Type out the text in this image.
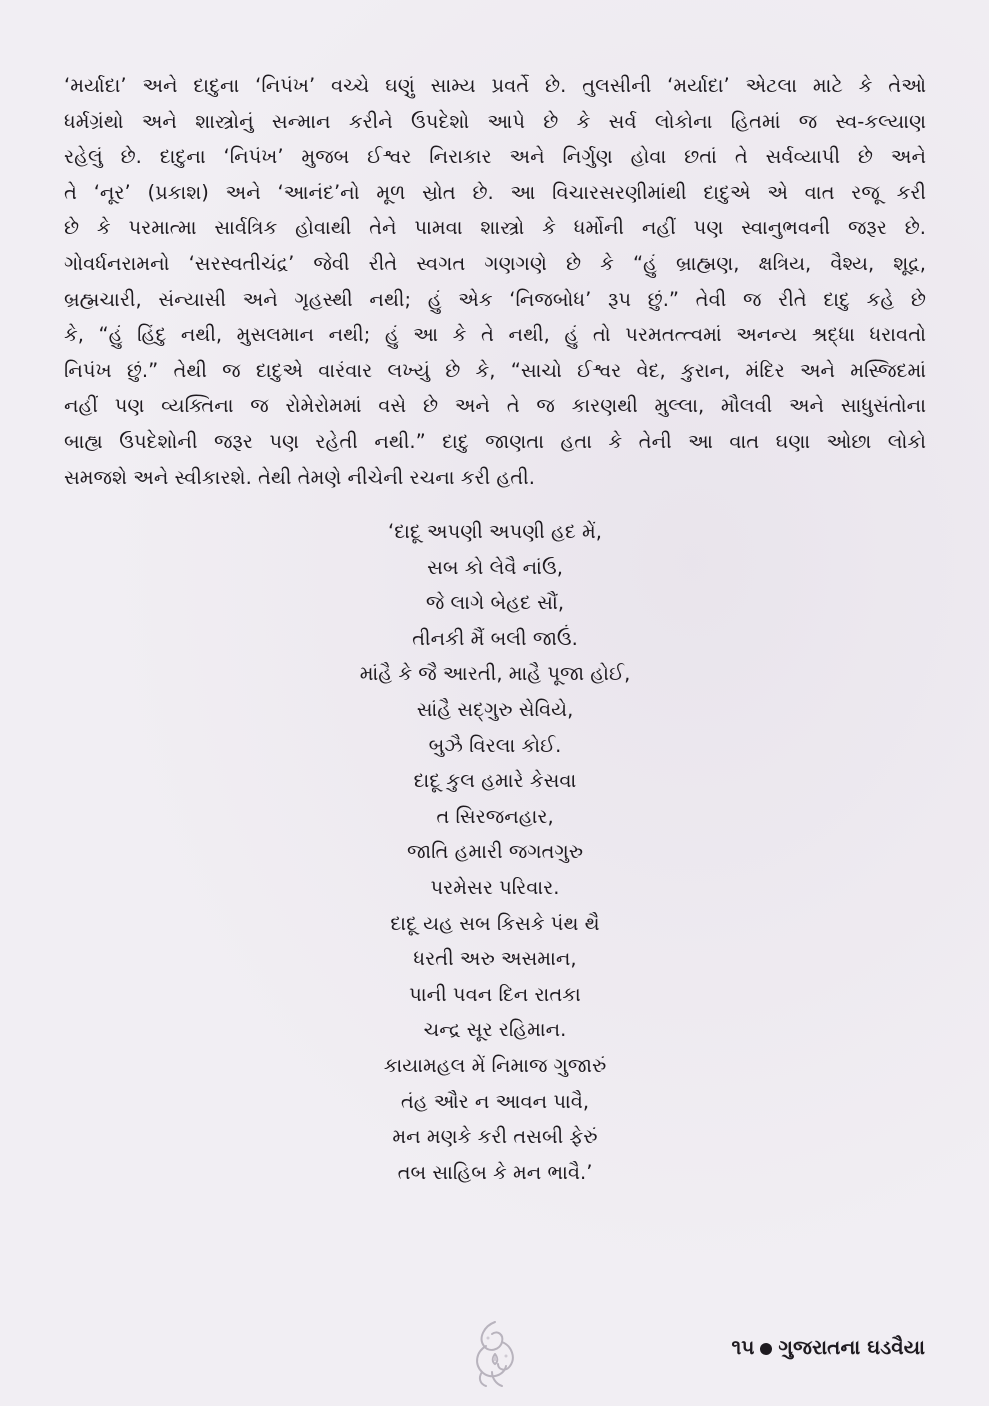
‘મર્યાદા’ અને દાદુના ‘નિપંખ’ વચ્ચે ઘણું સામ્ય પ્રવર્તે છે. તુલસીની ‘મર્યાદા’ એટલા માટે કે તેઓ
ધર્મગ્રંથો અને શાસ્ત્રોનું સન્માન કરીને ઉપદેશો આપે છે કે સર્વ લોકોના હિતમાં જ સ્વ-કલ્યાણ
રહેલું છે. દાદુના ‘નિપંખ’ મુજબ ઈશ્વર નિરાકાર અને નિર્ગુણ હોવા છતાં તે સર્વવ્યાપી છે અને
તે ‘નૂર’ (પ્રકાશ) અને ‘આનંદ’નો મૂળ સ્રોત છે. આ વિચારસરણીમાંથી દાદુએ એ વાત રજૂ કરી
છે કે પરમાત્મા સાર્વત્રિક હોવાથી તેને પામવા શાસ્ત્રો કે ધર્મોની નહીં પણ સ્વાનુભવની જરૂર છે.
ગોવર્ધનરામનો ‘સરસ્વતીચંદ્ર’ જેવી રીતે સ્વગત ગણગણે છે કે “હું બ્રાહ્મણ, ક્ષત્રિય, વૈશ્ય, શૂદ્ર,
બ્રહ્મચારી, સંન્યાસી અને ગૃહસ્થી નથી; હું એક ‘નિજબોધ’ રૂપ છું.” તેવી જ રીતે દાદુ કહે છે
કે, “હું હિંદુ નથી, મુસલમાન નથી; હું આ કે તે નથી, હું તો પરમતત્ત્વમાં અનન્ય શ્રદ્ધા ધરાવતો
નિપંખ છું.” તેથી જ દાદુએ વારંવાર લખ્યું છે કે, “સાચો ઈશ્વર વેદ, કુરાન, મંદિર અને મસ્જિદમાં
નહીં પણ વ્યક્તિના જ રોમેરોમમાં વસે છે અને તે જ કારણથી મુલ્લા, મૌલવી અને સાધુસંતોના
બાહ્ય ઉપદેશોની જરૂર પણ રહેતી નથી.” દાદુ જાણતા હતા કે તેની આ વાત ઘણા ઓછા લોકો
સમજશે અને સ્વીકારશે. તેથી તેમણે નીચેની રચના કરી હતી.
‘દાદૂ અપણી અપણી હદ મેં,
સબ કો લેવૈ નાંઉ,
જે લાગે બેહદ સૌં,
તીનકી મૈં બલી જાઉં.
માંહૈ કે જૈ આરતી, માહૈ પૂજા હોઈ,
સાંહૈ સદ્‌ગુરુ સેવિયે,
બુઝૈ વિરલા કોઈ.
દાદૂ કુલ હમારે કેસવા
ત સિરજનહાર,
જાતિ હમારી જગતગુરુ
પરમેસર પરિવાર.
દાદૂ યહ સબ કિસકે પંથ થૈ
ધરતી અરુ અસમાન,
પાની પવન દિન રાતકા
ચન્દ્ર સૂર રહિમાન.
કાયામહલ મેં નિમાજ ગુજારું
તંહ ઔર ન આવન પાવૈ,
મન મણકે કરી તસબી ફેરું
તબ સાહિબ કે મન ભાવૈ.’
૧૫ ગુજરાતના ઘડવૈયા
